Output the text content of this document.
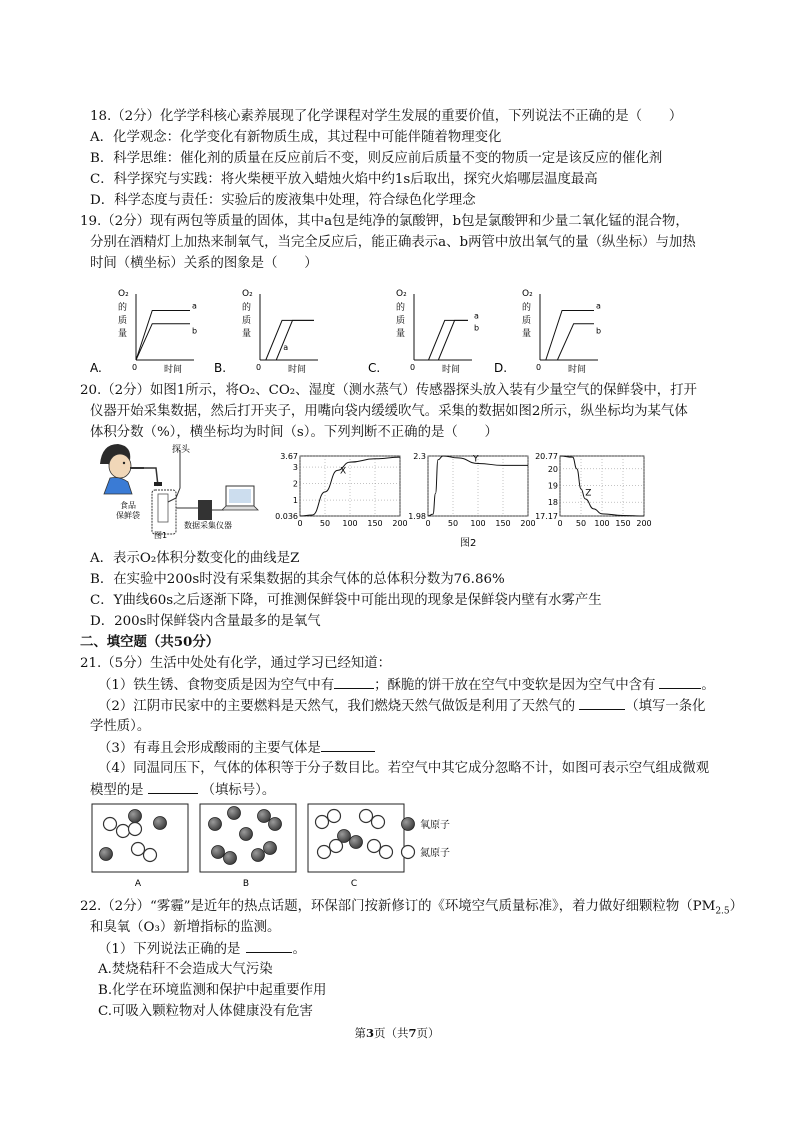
18.（2分）化学学科核心素养展现了化学课程对学生发展的重要价值，下列说法不正确的是（　　）
A．化学观念：化学变化有新物质生成，其过程中可能伴随着物理变化
B．科学思维：催化剂的质量在反应前后不变，则反应前后质量不变的物质一定是该反应的催化剂
C．科学探究与实践：将火柴梗平放入蜡烛火焰中约1s后取出，探究火焰哪层温度最高
D．科学态度与责任：实验后的废液集中处理，符合绿色化学理念
19.（2分）现有两包等质量的固体，其中a包是纯净的氯酸钾，b包是氯酸钾和少量二氧化锰的混合物，
分别在酒精灯上加热来制氧气，当完全反应后，能正确表示a、b两管中放出氧气的量（纵坐标）与加热
时间（横坐标）关系的图象是（　　）
O₂
的
质
量
0	时间
a
b
A.
O₂
的
质
量
0	时间
a
B.
O₂
的
质
量
0	时间
a
b
C.
O₂
的
质
量
0	时间
a
b
D.
20.（2分）如图1所示，将O₂、CO₂、湿度（测水蒸气）传感器探头放入装有少量空气的保鲜袋中，打开
仪器开始采集数据，然后打开夹子，用嘴向袋内缓缓吹气。采集的数据如图2所示，纵坐标均为某气体
体积分数（%），横坐标均为时间（s）。下列判断不正确的是（　　）
探头
食品
保鲜袋
数据采集仪器
图1
图2
0 50 100 150 200
3.67
3
2
1
0.036
X
0 50 100 150 200
2.3
1.98
Y
0 50 100 150 200
20.77
20
19
18
17.17
Z
A．表示O₂体积分数变化的曲线是Z
B．在实验中200s时没有采集数据的其余气体的总体积分数为76.86%
C．Y曲线60s之后逐渐下降，可推测保鲜袋中可能出现的现象是保鲜袋内壁有水雾产生
D．200s时保鲜袋内含量最多的是氧气
二、填空题（共50分）
21.（5分）生活中处处有化学，通过学习已经知道：
（1）铁生锈、食物变质是因为空气中有	；酥脆的饼干放在空气中变软是因为空气中含有	。
（2）江阴市民家中的主要燃料是天然气，我们燃烧天然气做饭是利用了天然气的	（填写一条化
学性质）。
（3）有毒且会形成酸雨的主要气体是
（4）同温同压下，气体的体积等于分子数目比。若空气中其它成分忽略不计，如图可表示空气组成微观
模型的是	（填标号）。
A	B	C
氧原子
氮原子
22.（2分）“雾霾”是近年的热点话题，环保部门按新修订的《环境空气质量标准》，着力做好细颗粒物$(PM_{2.5})$
和臭氧（O₃）新增指标的监测。
（1）下列说法正确的是	。
A.焚烧秸秆不会造成大气污染
B.化学在环境监测和保护中起重要作用
C.可吸入颗粒物对人体健康没有危害
第3页（共7页）
